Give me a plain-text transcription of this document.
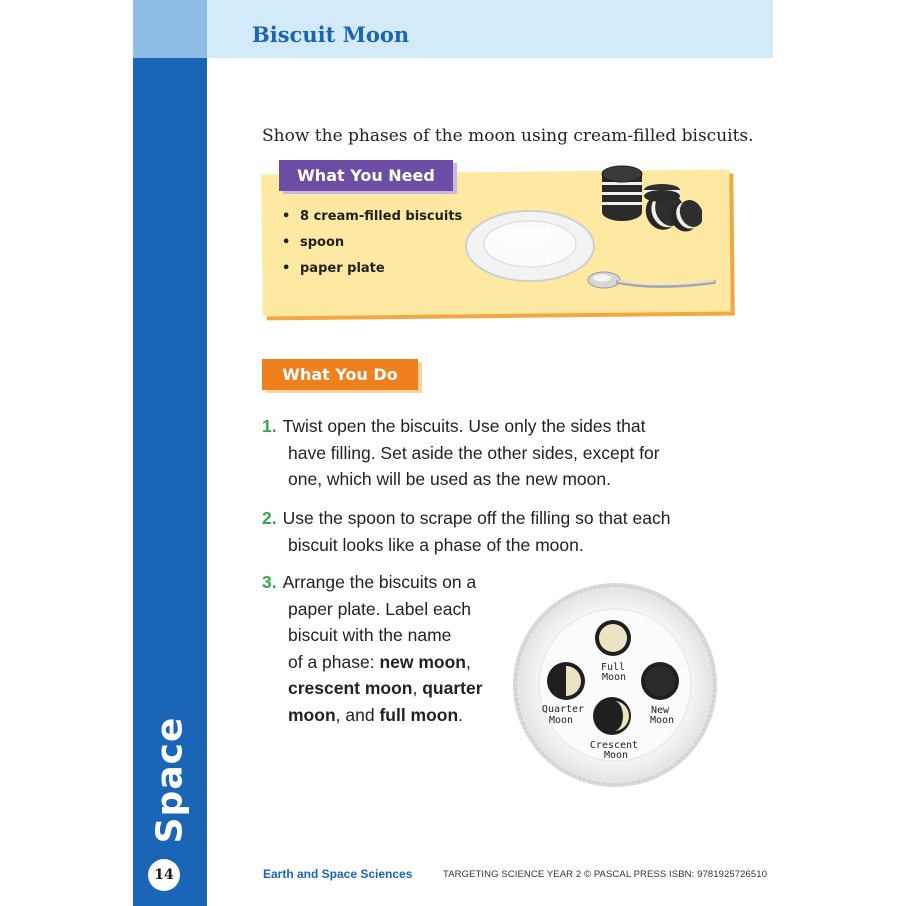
Space
14
Biscuit Moon
Show the phases of the moon using cream-filled biscuits.
What You Need
• 8 cream-filled biscuits
• spoon
• paper plate
What You Do
1. Twist open the biscuits. Use only the sides that
have filling. Set aside the other sides, except for
one, which will be used as the new moon.
2. Use the spoon to scrape off the filling so that each
biscuit looks like a phase of the moon.
3. Arrange the biscuits on a
paper plate. Label each
biscuit with the name
of a phase: new moon,
crescent moon, quarter
moon, and full moon.
Full
Moon
Quarter
Moon
New
Moon
Crescent
Moon
Earth and Space Sciences	TARGETING SCIENCE YEAR 2 © PASCAL PRESS ISBN: 9781925726510
